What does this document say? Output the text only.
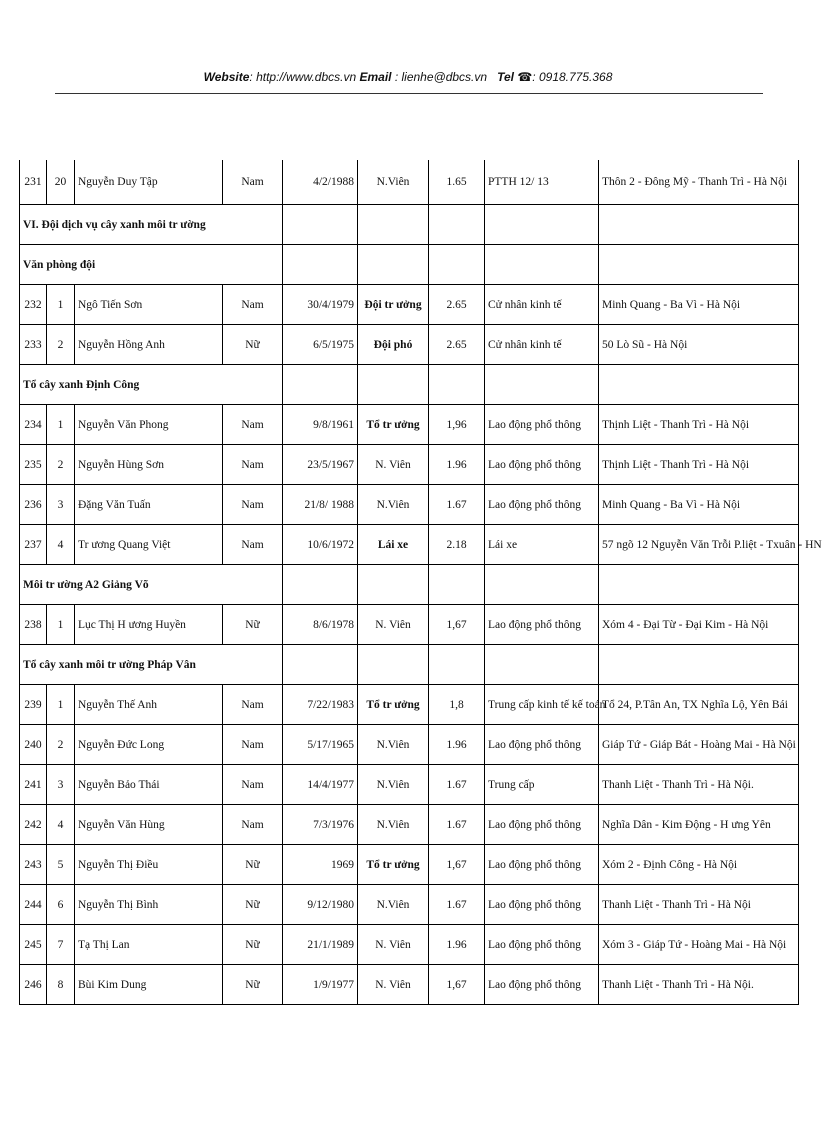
Website: http://www.dbcs.vn Email : lienhe@dbcs.vn Tel ☎: 0918.775.368
231	20	Nguyễn Duy Tập	Nam	4/2/1988	N.Viên	1.65	PTTH 12/ 13	Thôn 2 - Đông Mỹ - Thanh Trì - Hà Nội
VI. Đội dịch vụ cây xanh môi tr ường								
Văn phòng đội								
232	1	Ngô Tiến Sơn	Nam	30/4/1979	Đội tr ưởng	2.65	Cử nhân kinh tế	Minh Quang - Ba Vì - Hà Nội
233	2	Nguyễn Hồng Anh	Nữ	6/5/1975	Đội phó	2.65	Cử nhân kinh tế	50 Lò Sũ - Hà Nội
Tổ cây xanh Định Công								
234	1	Nguyễn Văn Phong	Nam	9/8/1961	Tổ tr ưởng	1,96	Lao động phổ thông	Thịnh Liệt - Thanh Trì - Hà Nội
235	2	Nguyễn Hùng Sơn	Nam	23/5/1967	N. Viên	1.96	Lao động phổ thông	Thịnh Liệt - Thanh Trì - Hà Nội
236	3	Đặng Văn Tuấn	Nam	21/8/ 1988	N.Viên	1.67	Lao động phổ thông	Minh Quang - Ba Vì - Hà Nội
237	4	Tr ương Quang Việt	Nam	10/6/1972	Lái xe	2.18	Lái xe	57 ngõ 12 Nguyễn Văn Trỗi P.liệt - Txuân - HN
Môi tr ường A2 Giảng Võ								
238	1	Lục Thị H ương Huyền	Nữ	8/6/1978	N. Viên	1,67	Lao động phổ thông	Xóm 4 - Đại Từ - Đại Kim - Hà Nội
Tổ cây xanh môi tr ường Pháp Vân								
239	1	Nguyễn Thế Anh	Nam	7/22/1983	Tổ tr ưởng	1,8	Trung cấp kinh tế kế toán	Tổ 24, P.Tân An, TX Nghĩa Lộ, Yên Bái
240	2	Nguyễn Đức Long	Nam	5/17/1965	N.Viên	1.96	Lao động phổ thông	Giáp Tứ - Giáp Bát - Hoàng Mai - Hà Nội
241	3	Nguyễn Bảo Thái	Nam	14/4/1977	N.Viên	1.67	Trung cấp	Thanh Liệt - Thanh Trì - Hà Nội.
242	4	Nguyễn Văn Hùng	Nam	7/3/1976	N.Viên	1.67	Lao động phổ thông	Nghĩa Dân - Kim Động - H ưng Yên
243	5	Nguyễn Thị Điều	Nữ	1969	Tổ tr ưởng	1,67	Lao động phổ thông	Xóm 2 - Định Công - Hà Nội
244	6	Nguyễn Thị Bình	Nữ	9/12/1980	N.Viên	1.67	Lao động phổ thông	Thanh Liệt - Thanh Trì - Hà Nội
245	7	Tạ Thị Lan	Nữ	21/1/1989	N. Viên	1.96	Lao động phổ thông	Xóm 3 - Giáp Tứ - Hoàng Mai - Hà Nội
246	8	Bùi Kim Dung	Nữ	1/9/1977	N. Viên	1,67	Lao động phổ thông	Thanh Liệt - Thanh Trì - Hà Nội.
